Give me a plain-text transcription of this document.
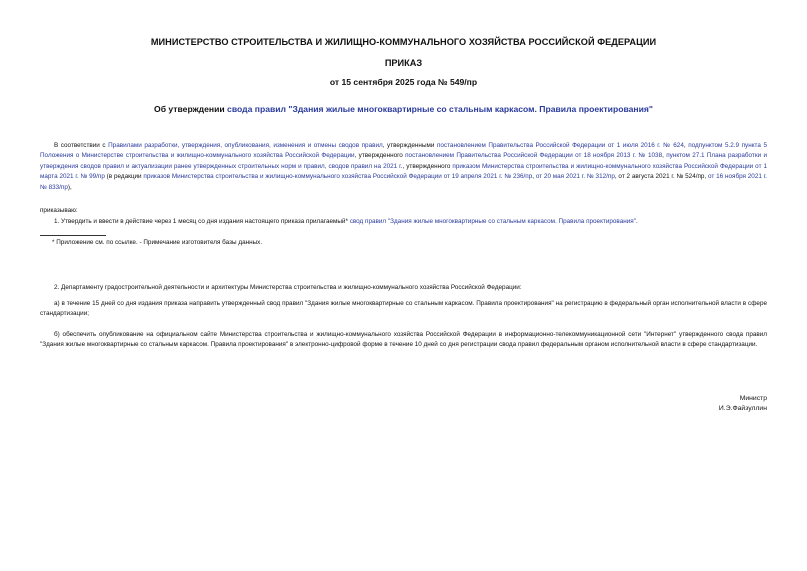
МИНИСТЕРСТВО СТРОИТЕЛЬСТВА И ЖИЛИЩНО-КОММУНАЛЬНОГО ХОЗЯЙСТВА РОССИЙСКОЙ ФЕДЕРАЦИИ
ПРИКАЗ
от 15 сентября 2025 года № 549/пр
Об утверждении свода правил "Здания жилые многоквартирные со стальным каркасом. Правила проектирования"
В соответствии с Правилами разработки, утверждения, опубликования, изменения и отмены сводов правил, утвержденными постановлением Правительства Российской Федерации от 1 июля 2016 г. № 624, подпунктом 5.2.9 пункта 5 Положения о Министерстве строительства и жилищно-коммунального хозяйства Российской Федерации, утвержденного постановлением Правительства Российской Федерации от 18 ноября 2013 г. № 1038, пунктом 27.1 Плана разработки и утверждения сводов правил и актуализации ранее утвержденных строительных норм и правил, сводов правил на 2021 г., утвержденного приказом Министерства строительства и жилищно-коммунального хозяйства Российской Федерации от 1 марта 2021 г. № 99/пр (в редакции приказов Министерства строительства и жилищно-коммунального хозяйства Российской Федерации от 19 апреля 2021 г. № 236/пр, от 20 мая 2021 г. № 312/пр, от 2 августа 2021 г. № 524/пр, от 16 ноября 2021 г. № 833/пр),
приказываю:
1. Утвердить и ввести в действие через 1 месяц со дня издания настоящего приказа прилагаемый* свод правил "Здания жилые многоквартирные со стальным каркасом. Правила проектирования".
* Приложение см. по ссылке. - Примечание изготовителя базы данных.
2. Департаменту градостроительной деятельности и архитектуры Министерства строительства и жилищно-коммунального хозяйства Российской Федерации:
а) в течение 15 дней со дня издания приказа направить утвержденный свод правил "Здания жилые многоквартирные со стальным каркасом. Правила проектирования" на регистрацию в федеральный орган исполнительной власти в сфере стандартизации;
б) обеспечить опубликование на официальном сайте Министерства строительства и жилищно-коммунального хозяйства Российской Федерации в информационно-телекоммуникационной сети "Интернет" утвержденного свода правил "Здания жилые многоквартирные со стальным каркасом. Правила проектирования" в электронно-цифровой форме в течение 10 дней со дня регистрации свода правил федеральным органом исполнительной власти в сфере стандартизации.
Министр
И.Э.Файзуллин
